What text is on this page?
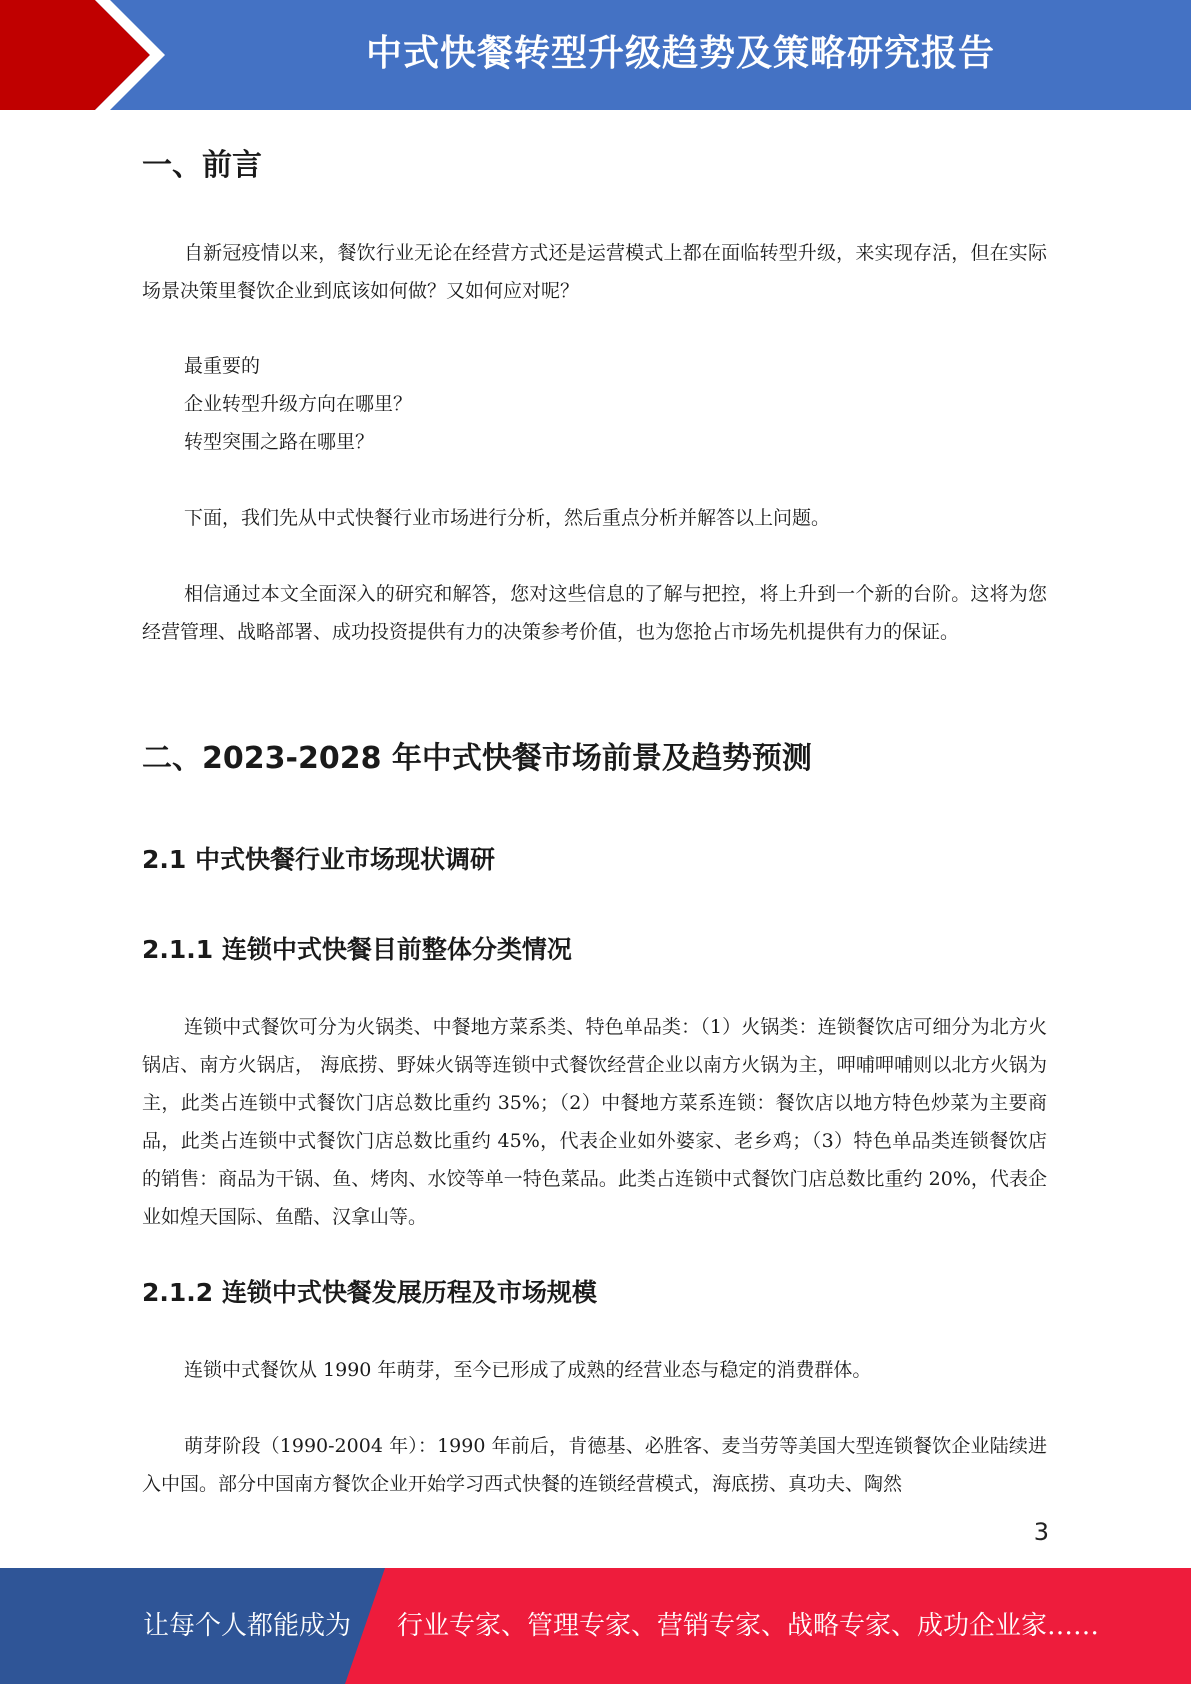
中式快餐转型升级趋势及策略研究报告
一、前言
自新冠疫情以来，餐饮行业无论在经营方式还是运营模式上都在面临转型升级，来实现存活，但在实际场景决策里餐饮企业到底该如何做？又如何应对呢？
最重要的
企业转型升级方向在哪里？
转型突围之路在哪里？
下面，我们先从中式快餐行业市场进行分析，然后重点分析并解答以上问题。
相信通过本文全面深入的研究和解答，您对这些信息的了解与把控，将上升到一个新的台阶。这将为您经营管理、战略部署、成功投资提供有力的决策参考价值，也为您抢占市场先机提供有力的保证。
二、2023-2028 年中式快餐市场前景及趋势预测
2.1 中式快餐行业市场现状调研
2.1.1 连锁中式快餐目前整体分类情况
连锁中式餐饮可分为火锅类、中餐地方菜系类、特色单品类：（1）火锅类：连锁餐饮店可细分为北方火锅店、南方火锅店， 海底捞、野妹火锅等连锁中式餐饮经营企业以南方火锅为主，呷哺呷哺则以北方火锅为主，此类占连锁中式餐饮门店总数比重约 35%；（2）中餐地方菜系连锁：餐饮店以地方特色炒菜为主要商品，此类占连锁中式餐饮门店总数比重约 45%，代表企业如外婆家、老乡鸡；（3）特色单品类连锁餐饮店的销售：商品为干锅、鱼、烤肉、水饺等单一特色菜品。此类占连锁中式餐饮门店总数比重约 20%，代表企业如煌天国际、鱼酷、汉拿山等。
2.1.2 连锁中式快餐发展历程及市场规模
连锁中式餐饮从 1990 年萌芽，至今已形成了成熟的经营业态与稳定的消费群体。
萌芽阶段（1990-2004 年）：1990 年前后，肯德基、必胜客、麦当劳等美国大型连锁餐饮企业陆续进入中国。部分中国南方餐饮企业开始学习西式快餐的连锁经营模式，海底捞、真功夫、陶然
3
让每个人都能成为 行业专家、管理专家、营销专家、战略专家、成功企业家……
